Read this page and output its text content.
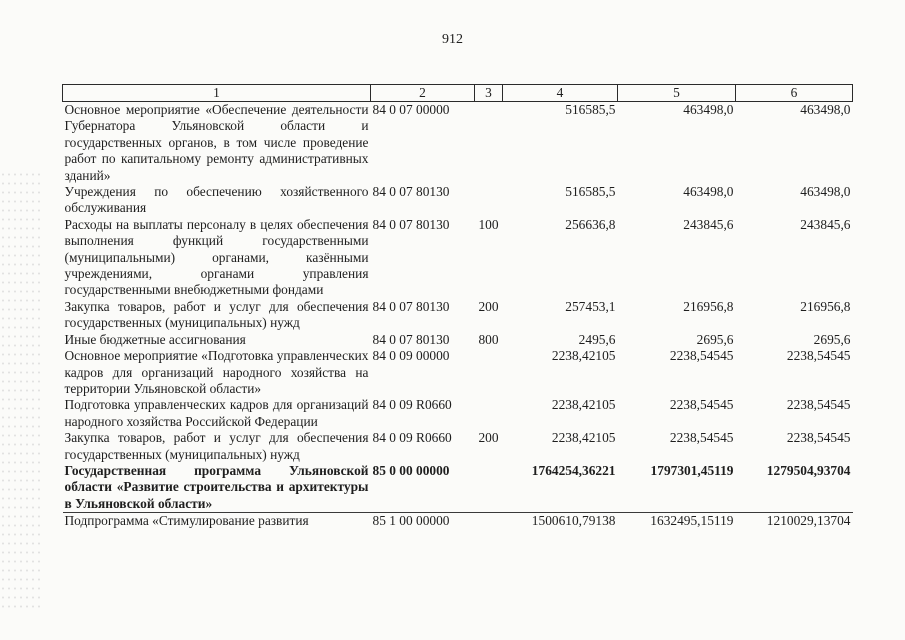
912
1	2	3	4	5	6
Основное мероприятие «Обеспечение деятельности Губернатора Ульяновской области и государственных органов, в том числе проведение работ по капитальному ремонту административных зданий»	84 0 07 00000		516585,5	463498,0	463498,0
Учреждения по обеспечению хозяйственного обслуживания	84 0 07 80130		516585,5	463498,0	463498,0
Расходы на выплаты персоналу в целях обеспечения выполнения функций государственными (муниципальными) органами, казёнными учреждениями, органами управления государственными внебюджетными фондами	84 0 07 80130	100	256636,8	243845,6	243845,6
Закупка товаров, работ и услуг для обеспечения государственных (муниципальных) нужд	84 0 07 80130	200	257453,1	216956,8	216956,8
Иные бюджетные ассигнования	84 0 07 80130	800	2495,6	2695,6	2695,6
Основное мероприятие «Подготовка управленческих кадров для организаций народного хозяйства на территории Ульяновской области»	84 0 09 00000		2238,42105	2238,54545	2238,54545
Подготовка управленческих кадров для организаций народного хозяйства Российской Федерации	84 0 09 R0660		2238,42105	2238,54545	2238,54545
Закупка товаров, работ и услуг для обеспечения государственных (муниципальных) нужд	84 0 09 R0660	200	2238,42105	2238,54545	2238,54545
Государственная программа Ульяновской области «Развитие строительства и архитектуры в Ульяновской области»	85 0 00 00000		1764254,36221	1797301,45119	1279504,93704
Подпрограмма «Стимулирование развития	85 1 00 00000		1500610,79138	1632495,15119	1210029,13704
